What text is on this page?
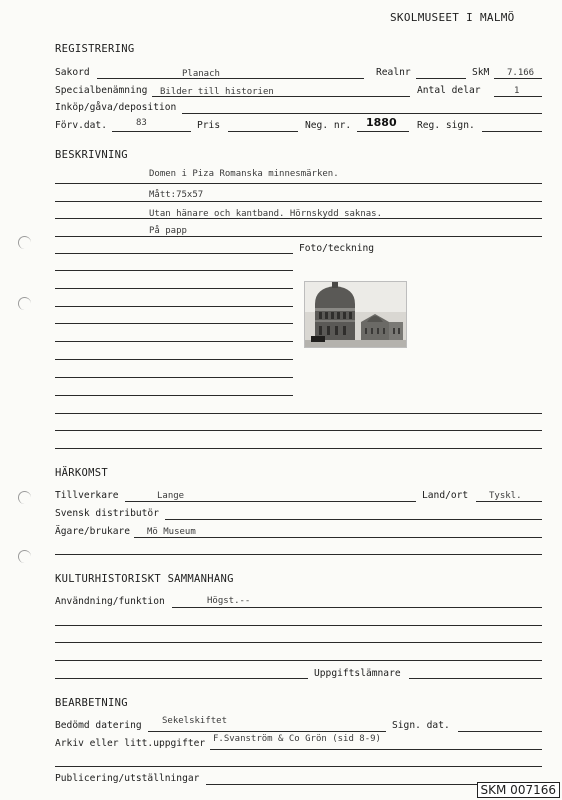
SKOLMUSEET I MALMÖ
REGISTRERING
Sakord	Planach	Realnr	SkM 7.166
Specialbenämning Bilder till historien	Antal delar	1
Inköp/gåva/deposition
Förv.dat.	83	Pris	Neg. nr. 1880 Reg. sign.
BESKRIVNING
Domen i Piza Romanska minnesmärken.
Mått:75x57
Utan hänare och kantband. Hörnskydd saknas.
På papp
Foto/teckning
HÄRKOMST
Tillverkare	Lange	Land/ort Tyskl.
Svensk distributör
Ägare/brukare Mö Museum
KULTURHISTORISKT SAMMANHANG
Användning/funktion	Högst.--
Uppgiftslämnare
BEARBETNING
Bedömd datering Sekelskiftet	Sign. dat.
Arkiv eller litt.uppgifter F.Svanström & Co Grön (sid 8-9)
Publicering/utställningar
SKM 007166
